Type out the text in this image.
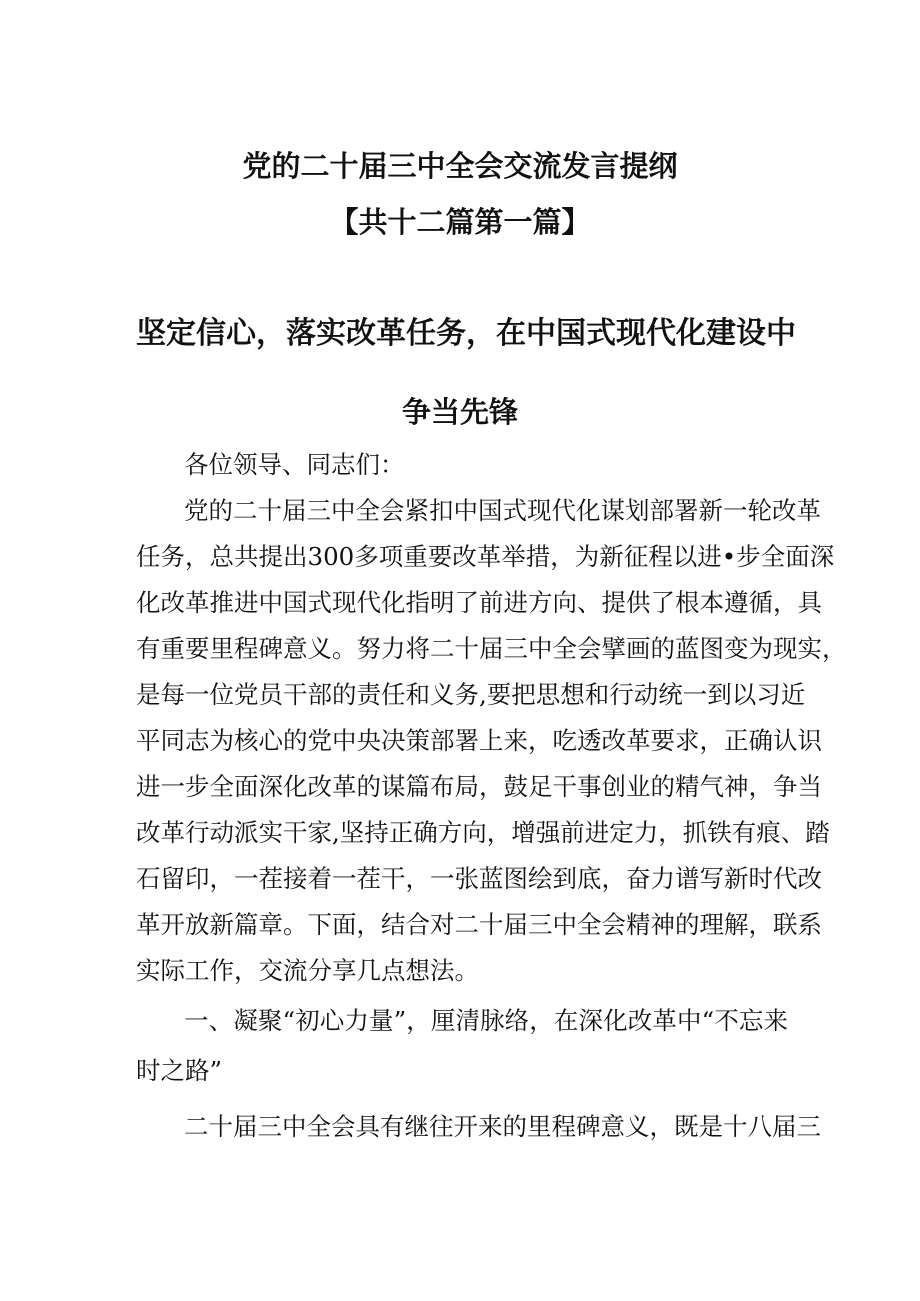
党的二十届三中全会交流发言提纲
【共十二篇第一篇】
坚定信心，落实改革任务，在中国式现代化建设中
争当先锋
各位领导、同志们：
党的二十届三中全会紧扣中国式现代化谋划部署新一轮改革
任务，总共提出300多项重要改革举措，为新征程以进•步全面深
化改革推进中国式现代化指明了前进方向、提供了根本遵循，具
有重要里程碑意义。努力将二十届三中全会擘画的蓝图变为现实，
是每一位党员干部的责任和义务,要把思想和行动统一到以习近
平同志为核心的党中央决策部署上来，吃透改革要求，正确认识
进一步全面深化改革的谋篇布局，鼓足干事创业的精气神，争当
改革行动派实干家,坚持正确方向，增强前进定力，抓铁有痕、踏
石留印，一茬接着一茬干，一张蓝图绘到底，奋力谱写新时代改
革开放新篇章。下面，结合对二十届三中全会精神的理解，联系
实际工作，交流分享几点想法。
一、凝聚“初心力量”，厘清脉络，在深化改革中“不忘来
时之路”
二十届三中全会具有继往开来的里程碑意义，既是十八届三
